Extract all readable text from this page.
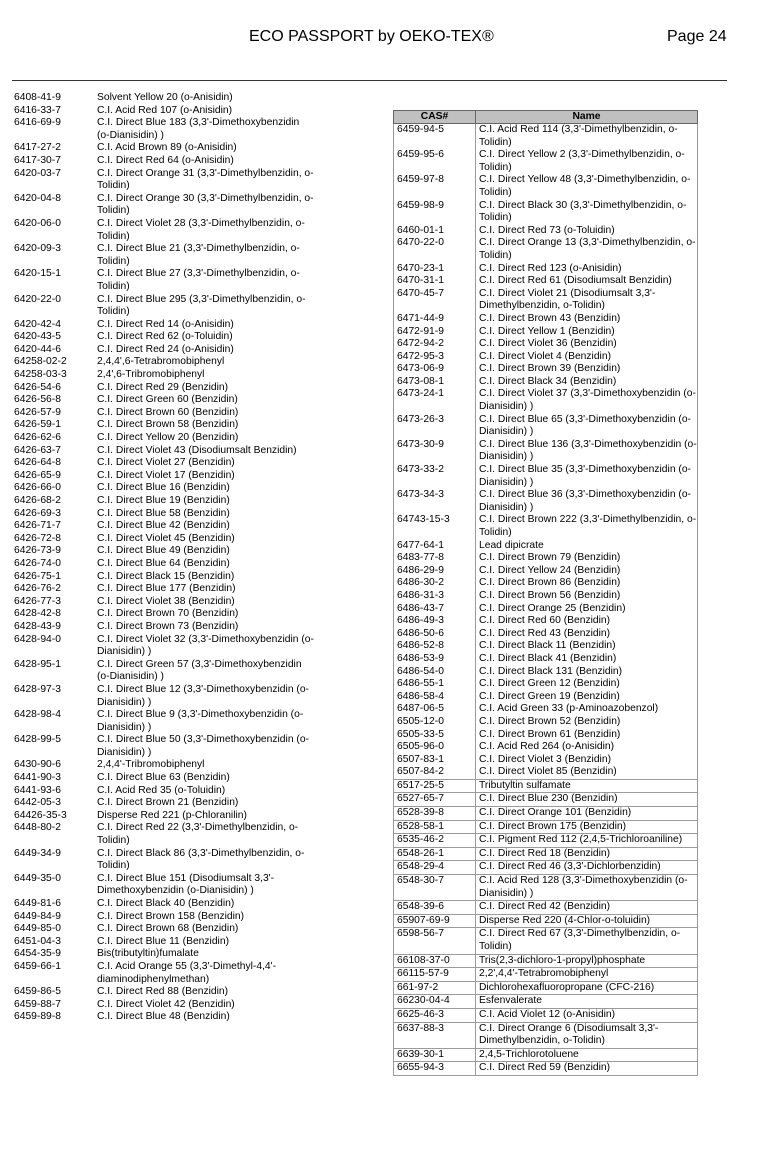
ECO PASSPORT by OEKO-TEX®	Page 24
6408-41-9	Solvent Yellow 20 (o-Anisidin)
6416-33-7	C.I. Acid Red 107 (o-Anisidin)
6416-69-9	C.I. Direct Blue 183 (3,3'-Dimethoxybenzidin (o-Dianisidin) )
6417-27-2	C.I. Acid Brown 89 (o-Anisidin)
6417-30-7	C.I. Direct Red 64 (o-Anisidin)
6420-03-7	C.I. Direct Orange 31 (3,3'-Dimethylbenzidin, o-Tolidin)
6420-04-8	C.I. Direct Orange 30 (3,3'-Dimethylbenzidin, o-Tolidin)
6420-06-0	C.I. Direct Violet 28 (3,3'-Dimethylbenzidin, o-Tolidin)
6420-09-3	C.I. Direct Blue 21 (3,3'-Dimethylbenzidin, o-Tolidin)
6420-15-1	C.I. Direct Blue 27 (3,3'-Dimethylbenzidin, o-Tolidin)
6420-22-0	C.I. Direct Blue 295 (3,3'-Dimethylbenzidin, o-Tolidin)
6420-42-4	C.I. Direct Red 14 (o-Anisidin)
6420-43-5	C.I. Direct Red 62 (o-Toluidin)
6420-44-6	C.I. Direct Red 24 (o-Anisidin)
64258-02-2	2,4,4',6-Tetrabromobiphenyl
64258-03-3	2,4',6-Tribromobiphenyl
6426-54-6	C.I. Direct Red 29 (Benzidin)
6426-56-8	C.I. Direct Green 60 (Benzidin)
6426-57-9	C.I. Direct Brown 60 (Benzidin)
6426-59-1	C.I. Direct Brown 58 (Benzidin)
6426-62-6	C.I. Direct Yellow 20 (Benzidin)
6426-63-7	C.I. Direct Violet 43 (Disodiumsalt Benzidin)
6426-64-8	C.I. Direct Violet 27 (Benzidin)
6426-65-9	C.I. Direct Violet 17 (Benzidin)
6426-66-0	C.I. Direct Blue 16 (Benzidin)
6426-68-2	C.I. Direct Blue 19 (Benzidin)
6426-69-3	C.I. Direct Blue 58 (Benzidin)
6426-71-7	C.I. Direct Blue 42 (Benzidin)
6426-72-8	C.I. Direct Violet 45 (Benzidin)
6426-73-9	C.I. Direct Blue 49 (Benzidin)
6426-74-0	C.I. Direct Blue 64 (Benzidin)
6426-75-1	C.I. Direct Black 15 (Benzidin)
6426-76-2	C.I. Direct Blue 177 (Benzidin)
6426-77-3	C.I. Direct Violet 38 (Benzidin)
6428-42-8	C.I. Direct Brown 70 (Benzidin)
6428-43-9	C.I. Direct Brown 73 (Benzidin)
6428-94-0	C.I. Direct Violet 32 (3,3'-Dimethoxybenzidin (o-Dianisidin) )
6428-95-1	C.I. Direct Green 57 (3,3'-Dimethoxybenzidin (o-Dianisidin) )
6428-97-3	C.I. Direct Blue 12 (3,3'-Dimethoxybenzidin (o-Dianisidin) )
6428-98-4	C.I. Direct Blue 9 (3,3'-Dimethoxybenzidin (o-Dianisidin) )
6428-99-5	C.I. Direct Blue 50 (3,3'-Dimethoxybenzidin (o-Dianisidin) )
6430-90-6	2,4,4'-Tribromobiphenyl
6441-90-3	C.I. Direct Blue 63 (Benzidin)
6441-93-6	C.I. Acid Red 35 (o-Toluidin)
6442-05-3	C.I. Direct Brown 21 (Benzidin)
64426-35-3	Disperse Red 221 (p-Chloranilin)
6448-80-2	C.I. Direct Red 22 (3,3'-Dimethylbenzidin, o-Tolidin)
6449-34-9	C.I. Direct Black 86 (3,3'-Dimethylbenzidin, o-Tolidin)
6449-35-0	C.I. Direct Blue 151 (Disodiumsalt 3,3'-Dimethoxybenzidin (o-Dianisidin) )
6449-81-6	C.I. Direct Black 40 (Benzidin)
6449-84-9	C.I. Direct Brown 158 (Benzidin)
6449-85-0	C.I. Direct Brown 68 (Benzidin)
6451-04-3	C.I. Direct Blue 11 (Benzidin)
6454-35-9	Bis(tributyltin)fumalate
6459-66-1	C.I. Acid Orange 55 (3,3'-Dimethyl-4,4'-diaminodiphenylmethan)
6459-86-5	C.I. Direct Red 88 (Benzidin)
6459-88-7	C.I. Direct Violet 42 (Benzidin)
6459-89-8	C.I. Direct Blue 48 (Benzidin)
CAS#	Name
6459-94-5	C.I. Acid Red 114 (3,3'-Dimethylbenzidin, o-Tolidin)
6459-95-6	C.I. Direct Yellow 2 (3,3'-Dimethylbenzidin, o-Tolidin)
6459-97-8	C.I. Direct Yellow 48 (3,3'-Dimethylbenzidin, o-Tolidin)
6459-98-9	C.I. Direct Black 30 (3,3'-Dimethylbenzidin, o-Tolidin)
6460-01-1	C.I. Direct Red 73 (o-Toluidin)
6470-22-0	C.I. Direct Orange 13 (3,3'-Dimethylbenzidin, o-Tolidin)
6470-23-1	C.I. Direct Red 123 (o-Anisidin)
6470-31-1	C.I. Direct Red 61 (Disodiumsalt Benzidin)
6470-45-7	C.I. Direct Violet 21 (Disodiumsalt 3,3'-Dimethylbenzidin, o-Tolidin)
6471-44-9	C.I. Direct Brown 43 (Benzidin)
6472-91-9	C.I. Direct Yellow 1 (Benzidin)
6472-94-2	C.I. Direct Violet 36 (Benzidin)
6472-95-3	C.I. Direct Violet 4 (Benzidin)
6473-06-9	C.I. Direct Brown 39 (Benzidin)
6473-08-1	C.I. Direct Black 34 (Benzidin)
6473-24-1	C.I. Direct Violet 37 (3,3'-Dimethoxybenzidin (o-Dianisidin) )
6473-26-3	C.I. Direct Blue 65 (3,3'-Dimethoxybenzidin (o-Dianisidin) )
6473-30-9	C.I. Direct Blue 136 (3,3'-Dimethoxybenzidin (o-Dianisidin) )
6473-33-2	C.I. Direct Blue 35 (3,3'-Dimethoxybenzidin (o-Dianisidin) )
6473-34-3	C.I. Direct Blue 36 (3,3'-Dimethoxybenzidin (o-Dianisidin) )
64743-15-3	C.I. Direct Brown 222 (3,3'-Dimethylbenzidin, o-Tolidin)
6477-64-1	Lead dipicrate
6483-77-8	C.I. Direct Brown 79 (Benzidin)
6486-29-9	C.I. Direct Yellow 24 (Benzidin)
6486-30-2	C.I. Direct Brown 86 (Benzidin)
6486-31-3	C.I. Direct Brown 56 (Benzidin)
6486-43-7	C.I. Direct Orange 25 (Benzidin)
6486-49-3	C.I. Direct Red 60 (Benzidin)
6486-50-6	C.I. Direct Red 43 (Benzidin)
6486-52-8	C.I. Direct Black 11 (Benzidin)
6486-53-9	C.I. Direct Black 41 (Benzidin)
6486-54-0	C.I. Direct Black 131 (Benzidin)
6486-55-1	C.I. Direct Green 12 (Benzidin)
6486-58-4	C.I. Direct Green 19 (Benzidin)
6487-06-5	C.I. Acid Green 33 (p-Aminoazobenzol)
6505-12-0	C.I. Direct Brown 52 (Benzidin)
6505-33-5	C.I. Direct Brown 61 (Benzidin)
6505-96-0	C.I. Acid Red 264 (o-Anisidin)
6507-83-1	C.I. Direct Violet 3 (Benzidin)
6507-84-2	C.I. Direct Violet 85 (Benzidin)
6517-25-5	Tributyltin sulfamate
6527-65-7	C.I. Direct Blue 230 (Benzidin)
6528-39-8	C.I. Direct Orange 101 (Benzidin)
6528-58-1	C.I. Direct Brown 175 (Benzidin)
6535-46-2	C.I. Pigment Red 112 (2,4,5-Trichloroaniline)
6548-26-1	C.I. Direct Red 18 (Benzidin)
6548-29-4	C.I. Direct Red 46 (3,3'-Dichlorbenzidin)
6548-30-7	C.I. Acid Red 128 (3,3'-Dimethoxybenzidin (o-Dianisidin) )
6548-39-6	C.I. Direct Red 42 (Benzidin)
65907-69-9	Disperse Red 220 (4-Chlor-o-toluidin)
6598-56-7	C.I. Direct Red 67 (3,3'-Dimethylbenzidin, o-Tolidin)
66108-37-0	Tris(2,3-dichloro-1-propyl)phosphate
66115-57-9	2,2',4,4'-Tetrabromobiphenyl
661-97-2	Dichlorohexafluoropropane (CFC-216)
66230-04-4	Esfenvalerate
6625-46-3	C.I. Acid Violet 12 (o-Anisidin)
6637-88-3	C.I. Direct Orange 6 (Disodiumsalt 3,3'-Dimethylbenzidin, o-Tolidin)
6639-30-1	2,4,5-Trichlorotoluene
6655-94-3	C.I. Direct Red 59 (Benzidin)
